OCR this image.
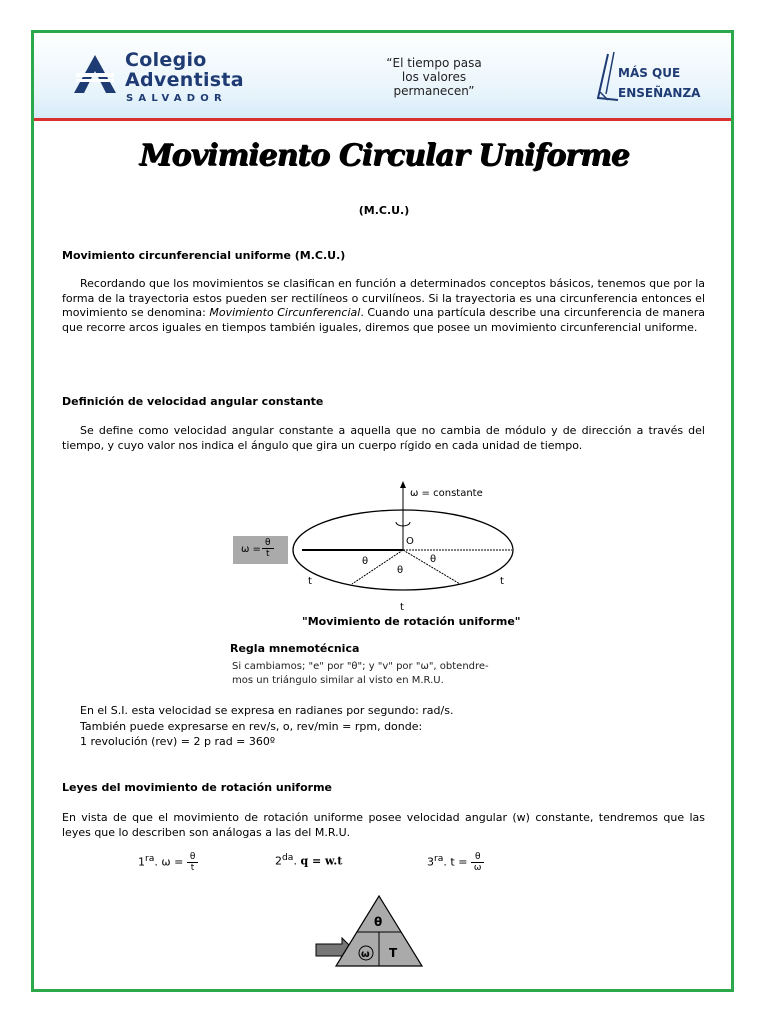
Colegio
Adventista
SALVADOR
“El tiempo pasa
los valores
permanecen”
MÁS QUE
ENSEÑANZA
Movimiento Circular Uniforme
(M.C.U.)
Movimiento circunferencial uniforme (M.C.U.)
Recordando que los movimientos se clasifican en función a determinados conceptos básicos, tenemos que por la forma de la trayectoria estos pueden ser rectilíneos o curvilíneos. Si la trayectoria es una circunferencia entonces el movimiento se denomina: Movimiento Circunferencial. Cuando una partícula describe una circunferencia de manera que recorre arcos iguales en tiempos también iguales, diremos que posee un movimiento circunferencial uniforme.
Definición de velocidad angular constante
Se define como velocidad angular constante a aquella que no cambia de módulo y de dirección a través del tiempo, y cuyo valor nos indica el ángulo que gira un cuerpo rígido en cada unidad de tiempo.
$\omega = \frac{\theta}{t}$
ω = constante
O
θ
θ
θ
t
t
t
"Movimiento de rotación uniforme"
Regla mnemotécnica
Si cambiamos; "e" por "θ"; y "v" por "ω", obtendre-
mos un triángulo similar al visto en M.R.U.
En el S.I. esta velocidad se expresa en radianes por segundo: rad/s.
También puede expresarse en rev/s, o, rev/min = rpm, donde:
1 revolución (rev) = 2 p rad = 360º
Leyes del movimiento de rotación uniforme
En vista de que el movimiento de rotación uniforme posee velocidad angular (w) constante, tendremos que las leyes que lo describen son análogas a las del M.R.U.
$1^{ra}$. $\omega = \frac{\theta}{t}$	$2^{da}$. q = w.t	$3^{ra}$. $t = \frac{\theta}{\omega}$
θ
ω T
